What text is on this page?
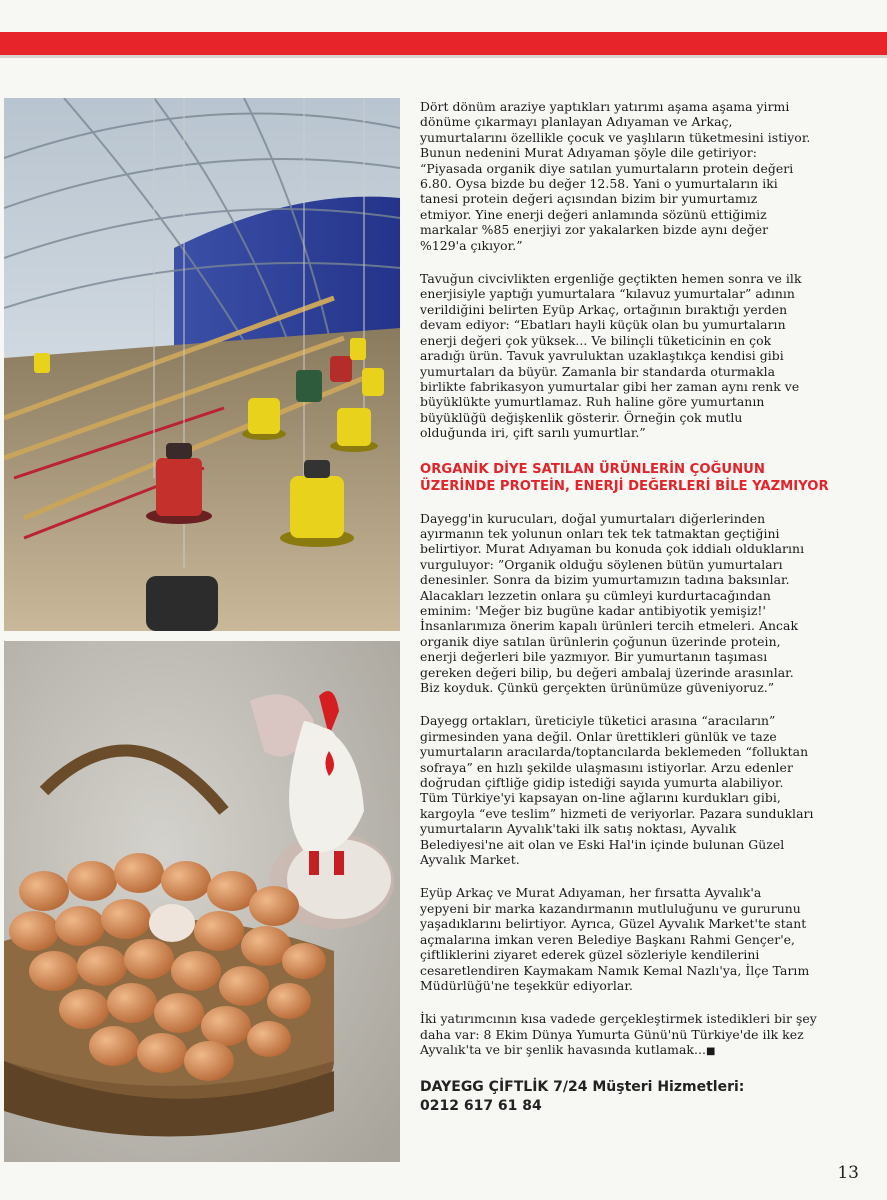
Dört dönüm araziye yaptıkları yatırımı aşama aşama yirmi
dönüme çıkarmayı planlayan Adıyaman ve Arkaç,
yumurtalarını özellikle çocuk ve yaşlıların tüketmesini istiyor.
Bunun nedenini Murat Adıyaman şöyle dile getiriyor:
“Piyasada organik diye satılan yumurtaların protein değeri
6.80. Oysa bizde bu değer 12.58. Yani o yumurtaların iki
tanesi protein değeri açısından bizim bir yumurtamız
etmiyor. Yine enerji değeri anlamında sözünü ettiğimiz
markalar %85 enerjiyi zor yakalarken bizde aynı değer
%129'a çıkıyor.”

Tavuğun civcivlikten ergenliğe geçtikten hemen sonra ve ilk
enerjisiyle yaptığı yumurtalara “kılavuz yumurtalar” adının
verildiğini belirten Eyüp Arkaç, ortağının bıraktığı yerden
devam ediyor: “Ebatları hayli küçük olan bu yumurtaların
enerji değeri çok yüksek... Ve bilinçli tüketicinin en çok
aradığı ürün. Tavuk yavruluktan uzaklaştıkça kendisi gibi
yumurtaları da büyür. Zamanla bir standarda oturmakla
birlikte fabrikasyon yumurtalar gibi her zaman aynı renk ve
büyüklükte yumurtlamaz. Ruh haline göre yumurtanın
büyüklüğü değişkenlik gösterir. Örneğin çok mutlu
olduğunda iri, çift sarılı yumurtlar.”

ORGANİK DİYE SATILAN ÜRÜNLERİN ÇOĞUNUN
ÜZERİNDE PROTEİN, ENERJİ DEĞERLERİ BİLE YAZMIYOR

Dayegg'in kurucuları, doğal yumurtaları diğerlerinden
ayırmanın tek yolunun onları tek tek tatmaktan geçtiğini
belirtiyor. Murat Adıyaman bu konuda çok iddialı olduklarını
vurguluyor: ”Organik olduğu söylenen bütün yumurtaları
denesinler. Sonra da bizim yumurtamızın tadına baksınlar.
Alacakları lezzetin onlara şu cümleyi kurdurtacağından
eminim: 'Meğer biz bugüne kadar antibiyotik yemişiz!'
İnsanlarımıza önerim kapalı ürünleri tercih etmeleri. Ancak
organik diye satılan ürünlerin çoğunun üzerinde protein,
enerji değerleri bile yazmıyor. Bir yumurtanın taşıması
gereken değeri bilip, bu değeri ambalaj üzerinde arasınlar.
Biz koyduk. Çünkü gerçekten ürünümüze güveniyoruz.”

Dayegg ortakları, üreticiyle tüketici arasına “aracıların”
girmesinden yana değil. Onlar ürettikleri günlük ve taze
yumurtaların aracılarda/toptancılarda beklemeden “folluktan
sofraya” en hızlı şekilde ulaşmasını istiyorlar. Arzu edenler
doğrudan çiftliğe gidip istediği sayıda yumurta alabiliyor.
Tüm Türkiye'yi kapsayan on-line ağlarını kurdukları gibi,
kargoyla “eve teslim” hizmeti de veriyorlar. Pazara sundukları
yumurtaların Ayvalık'taki ilk satış noktası, Ayvalık
Belediyesi'ne ait olan ve Eski Hal'in içinde bulunan Güzel
Ayvalık Market.

Eyüp Arkaç ve Murat Adıyaman, her fırsatta Ayvalık'a
yepyeni bir marka kazandırmanın mutluluğunu ve gururunu
yaşadıklarını belirtiyor. Ayrıca, Güzel Ayvalık Market'te stant
açmalarına imkan veren Belediye Başkanı Rahmi Gençer'e,
çiftliklerini ziyaret ederek güzel sözleriyle kendilerini
cesaretlendiren Kaymakam Namık Kemal Nazlı'ya, İlçe Tarım
Müdürlüğü'ne teşekkür ediyorlar.

İki yatırımcının kısa vadede gerçekleştirmek istedikleri bir şey
daha var: 8 Ekim Dünya Yumurta Günü'nü Türkiye'de ilk kez
Ayvalık'ta ve bir şenlik havasında kutlamak...■

DAYEGG ÇİFTLİK 7/24 Müşteri Hizmetleri:
0212 617 61 84
13
